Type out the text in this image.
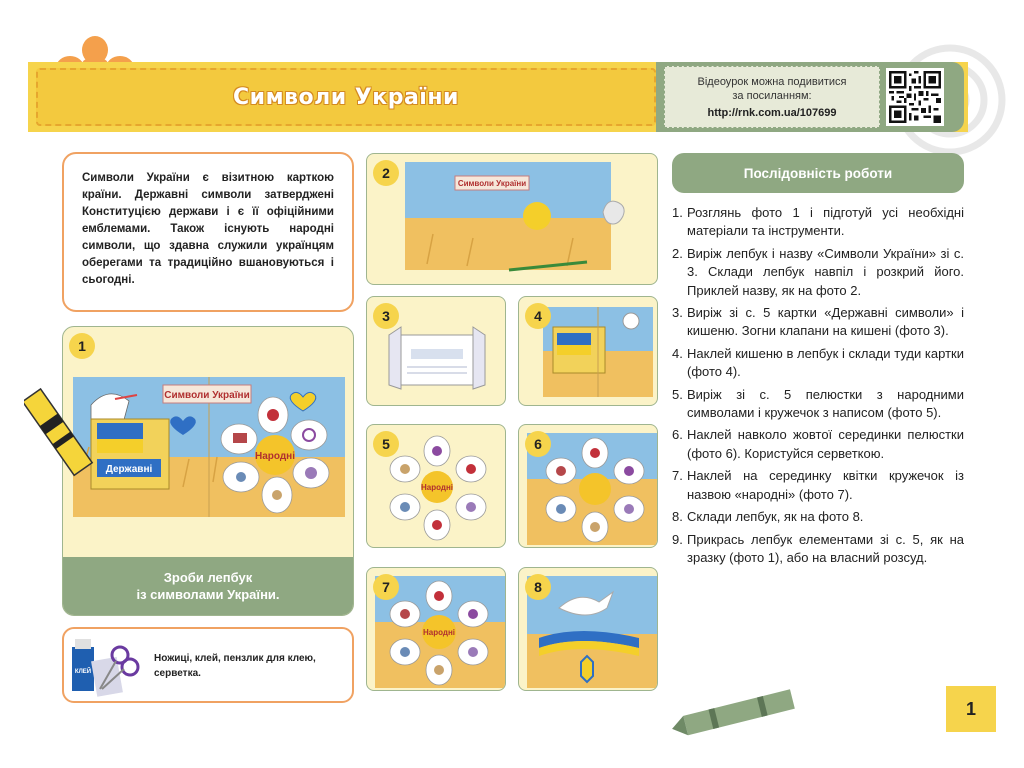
Символи України
Відеоурок можна подивитися
за посиланням:
http://rnk.com.ua/107699

Символи України є візитною карткою країни. Державні символи затверджені Конституцією держави і є її офіційними емблемами. Також існують народні символи, що здавна служили українцям оберегами та традиційно вшановуються і сьогодні.

1
Символи України
Державні
Народні
Зроби лепбук
із символами України.
2
Символи України
3	4
5
Народні
6
7
Народні
8

Ножиці, клей, пензлик для клею, серветка.

КЛЕЙ
Послідовність роботи
1. Розглянь фото 1 і підготуй усі необхідні матеріали та інструменти.
2. Виріж лепбук і назву «Символи України» зі с. 3. Склади лепбук навпіл і розкрий його. Приклей назву, як на фото 2.
3. Виріж зі с. 5 картки «Державні символи» і кишеню. Зогни клапани на кишені (фото 3).
4. Наклей кишеню в лепбук і склади туди картки (фото 4).
5. Виріж зі с. 5 пелюстки з народними символами і кружечок з написом (фото 5).
6. Наклей навколо жовтої серединки пелюстки (фото 6). Користуйся серветкою.
7. Наклей на серединку квітки кружечок із назвою «народні» (фото 7).
8. Склади лепбук, як на фото 8.
9. Прикрась лепбук елементами зі с. 5, як на зразку (фото 1), або на власний розсуд.
1
